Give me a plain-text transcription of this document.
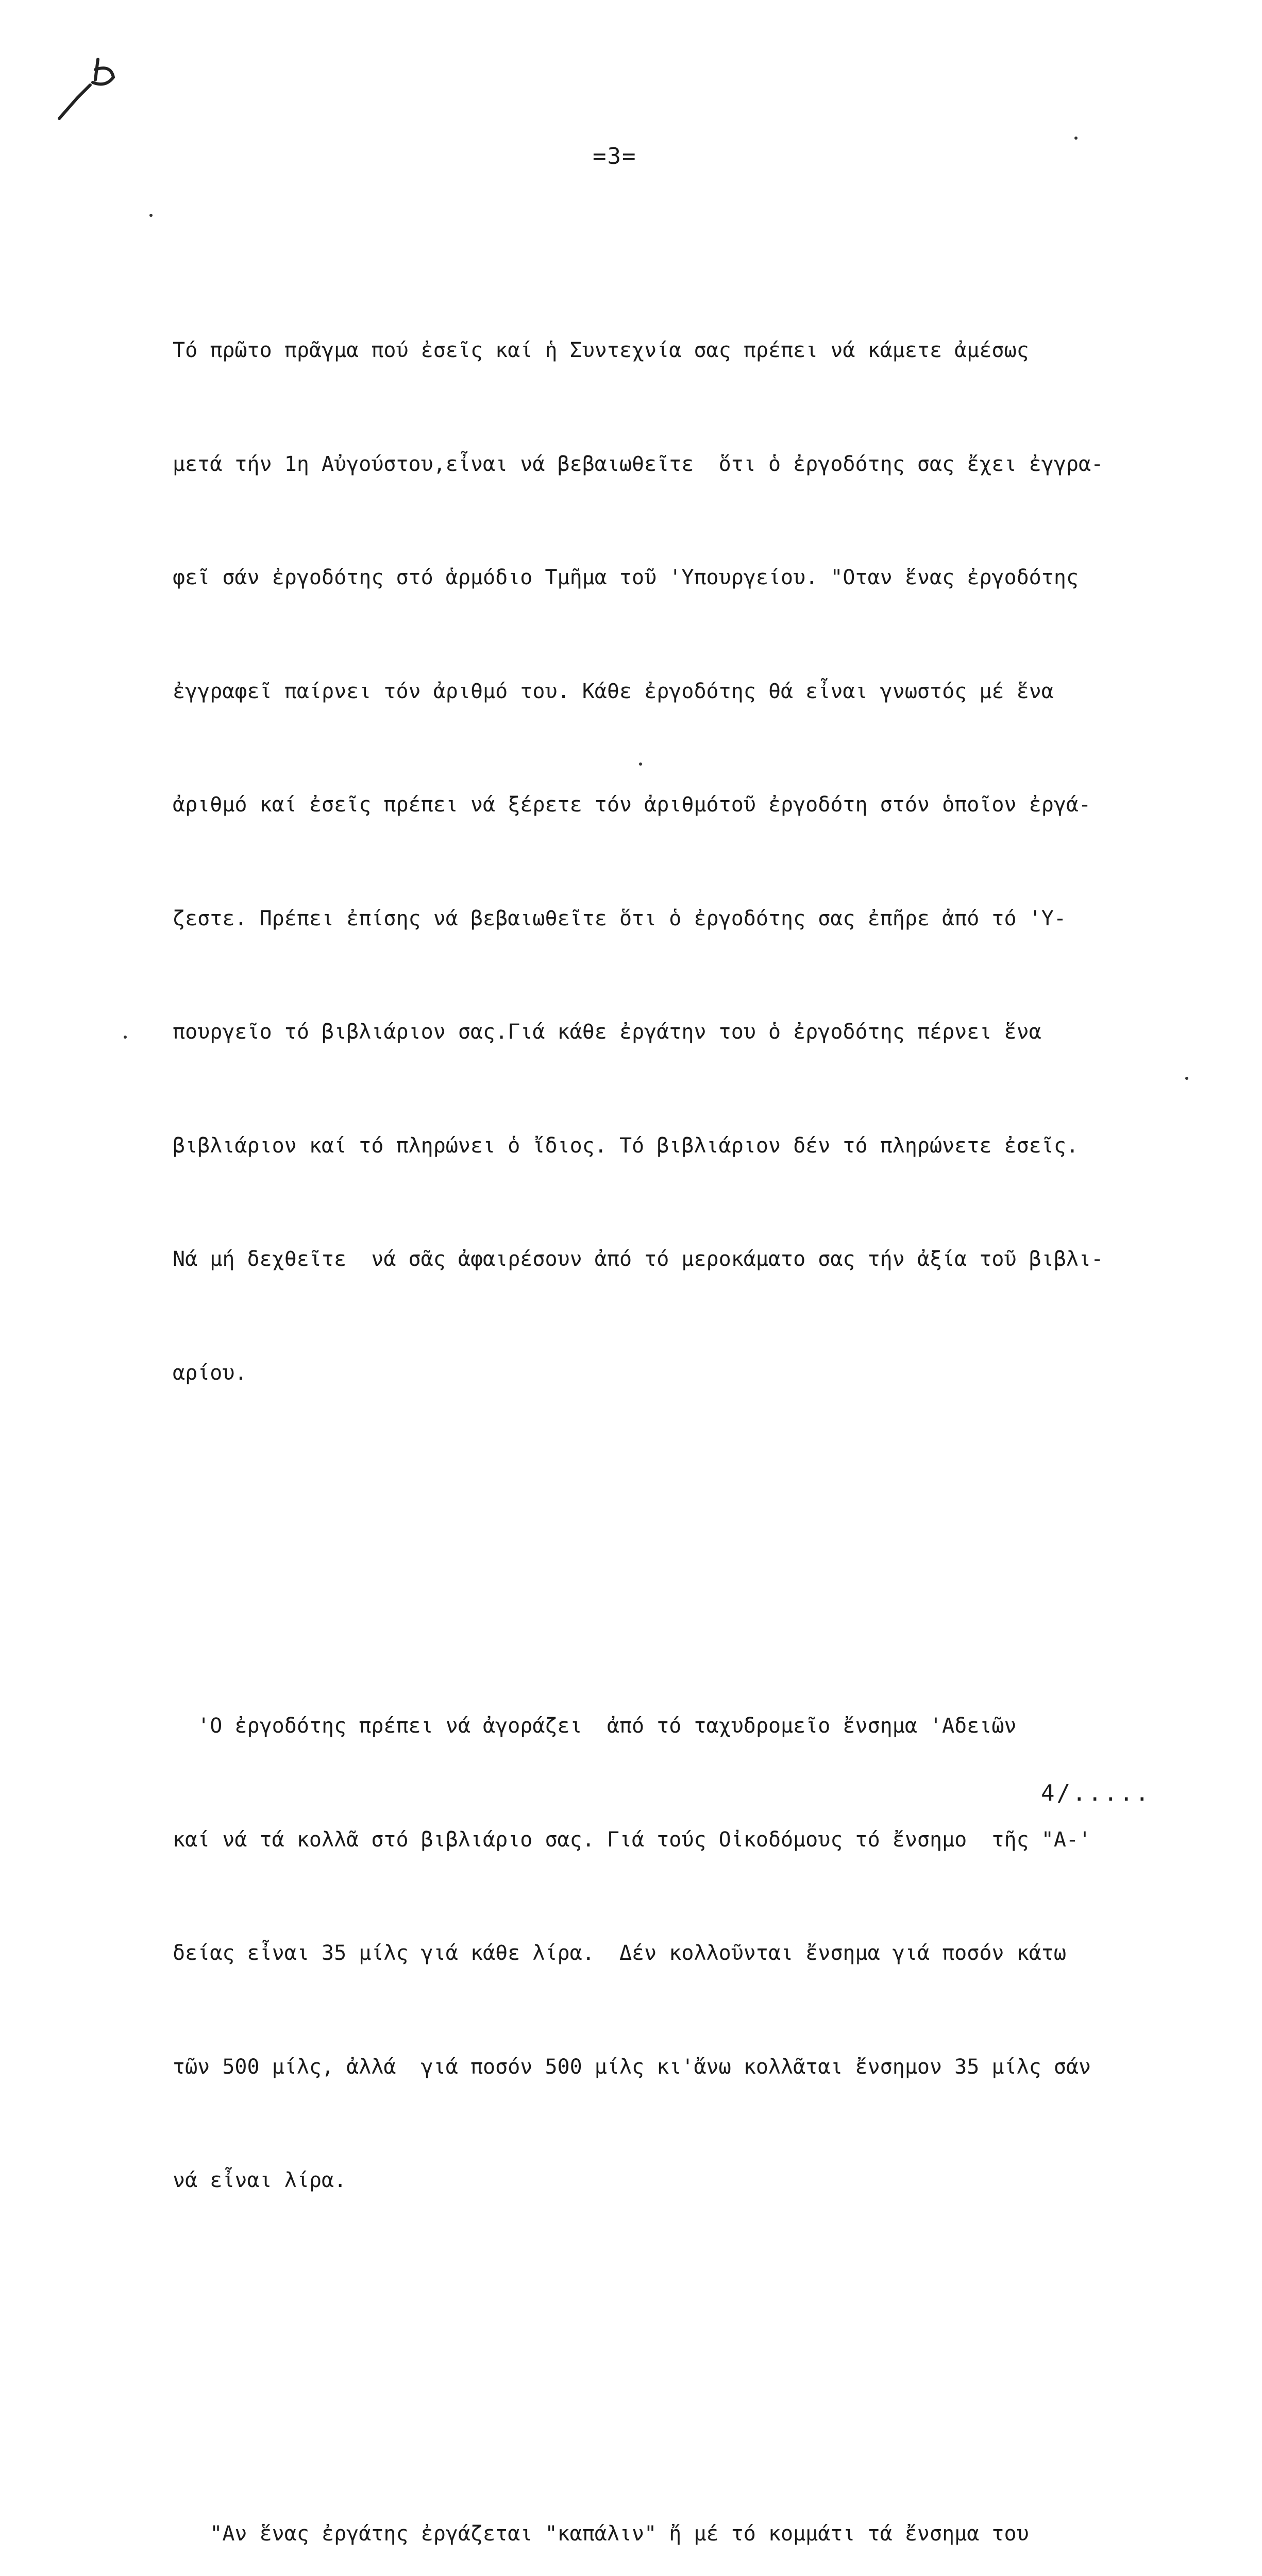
=3=

Τό πρῶτο πρᾶγμα πού ἐσεῖς καί ἡ Συντεχνία σας πρέπει νά κάμετε ἀμέσως

μετά τήν 1η Αὐγούστου,εἶναι νά βεβαιωθεῖτε  ὅτι ὁ ἐργοδότης σας ἔχει ἐγγρα-

φεῖ σάν ἐργοδότης στό ἁρμόδιο Τμῆμα τοῦ 'Υπουργείου. "Οταν ἕνας ἐργοδότης

ἐγγραφεῖ παίρνει τόν ἀριθμό του. Κάθε ἐργοδότης θά εἶναι γνωστός μέ ἕνα

ἀριθμό καί ἐσεῖς πρέπει νά ξέρετε τόν ἀριθμότοῦ ἐργοδότη στόν ὁποῖον ἐργά-

ζεστε. Πρέπει ἐπίσης νά βεβαιωθεῖτε ὅτι ὁ ἐργοδότης σας ἐπῆρε ἀπό τό 'Υ-

πουργεῖο τό βιβλιάριον σας.Γιά κάθε ἐργάτην του ὁ ἐργοδότης πέρνει ἕνα

βιβλιάριον καί τό πληρώνει ὁ ἴδιος. Τό βιβλιάριον δέν τό πληρώνετε ἐσεῖς.

Νά μή δεχθεῖτε  νά σᾶς ἀφαιρέσουν ἀπό τό μεροκάματο σας τήν ἀξία τοῦ βιβλι-

αρίου.

'Ο ἐργοδότης πρέπει νά ἀγοράζει  ἀπό τό ταχυδρομεῖο ἔνσημα 'Αδειῶν

καί νά τά κολλᾶ στό βιβλιάριο σας. Γιά τούς Οἰκοδόμους τό ἔνσημο  τῆς "Α-'

δείας εἶναι 35 μίλς γιά κάθε λίρα.  Δέν κολλοῦνται ἔνσημα γιά ποσόν κάτω

τῶν 500 μίλς, ἀλλά  γιά ποσόν 500 μίλς κι'ἄνω κολλᾶται ἔνσημον 35 μίλς σάν

νά εἶναι λίρα.

"Αν ἕνας ἐργάτης ἐργάζεται "καπάλιν" ἤ μέ τό κομμάτι τά ἔνσημα του

4/.....
